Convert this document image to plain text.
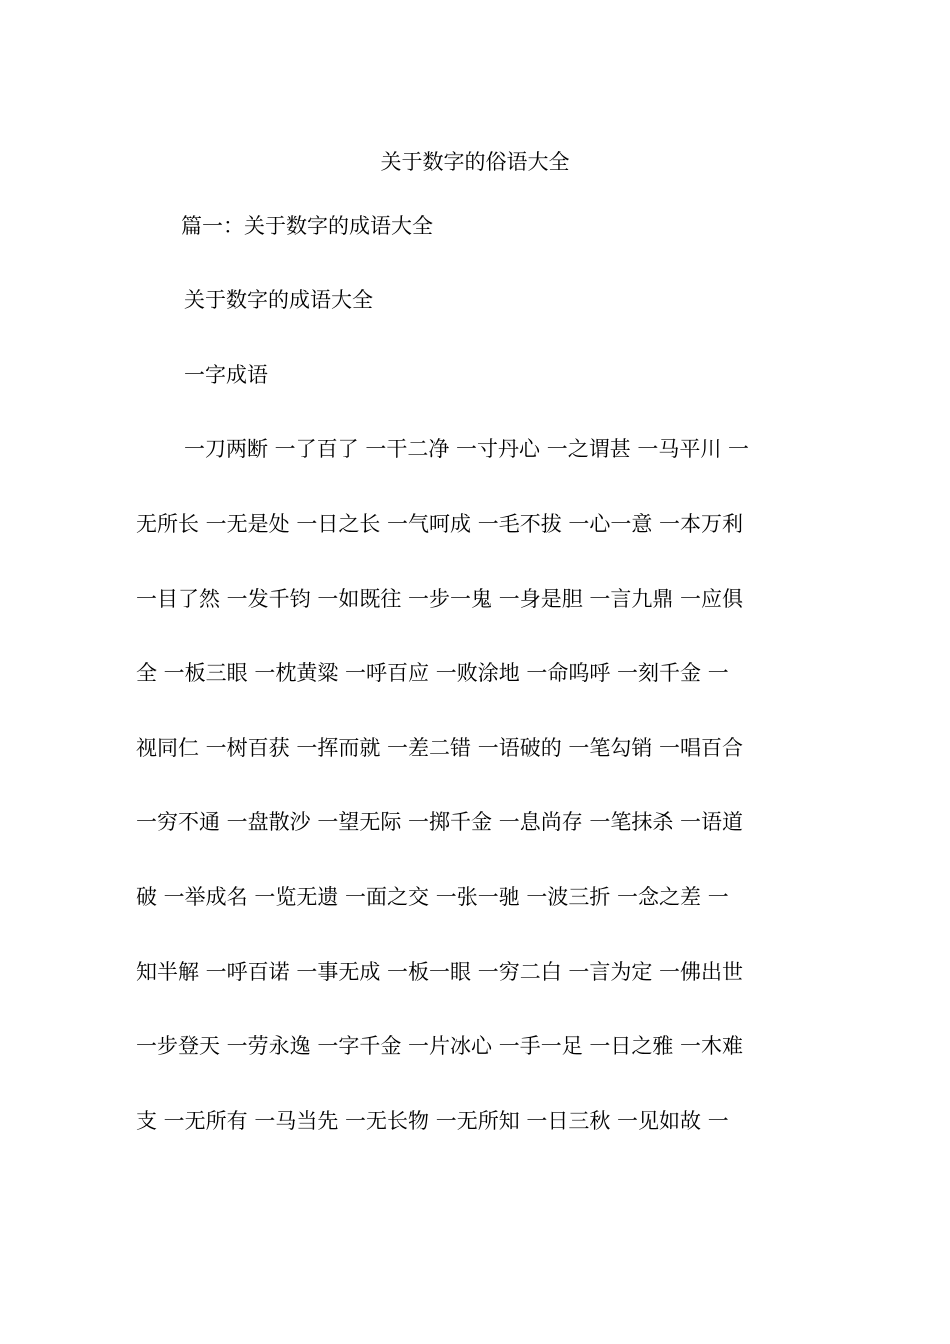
关于数字的俗语大全

篇一：关于数字的成语大全

关于数字的成语大全

一字成语

一刀两断 一了百了 一干二净 一寸丹心 一之谓甚 一马平川 一

无所长 一无是处 一日之长 一气呵成 一毛不拔 一心一意 一本万利

一目了然 一发千钧 一如既往 一步一鬼 一身是胆 一言九鼎 一应俱

全 一板三眼 一枕黄粱 一呼百应 一败涂地 一命呜呼 一刻千金 一

视同仁 一树百获 一挥而就 一差二错 一语破的 一笔勾销 一唱百合

一穷不通 一盘散沙 一望无际 一掷千金 一息尚存 一笔抹杀 一语道

破 一举成名 一览无遗 一面之交 一张一驰 一波三折 一念之差 一

知半解 一呼百诺 一事无成 一板一眼 一穷二白 一言为定 一佛出世

一步登天 一劳永逸 一字千金 一片冰心 一手一足 一日之雅 一木难

支 一无所有 一马当先 一无长物 一无所知 一日三秋 一见如故 一
